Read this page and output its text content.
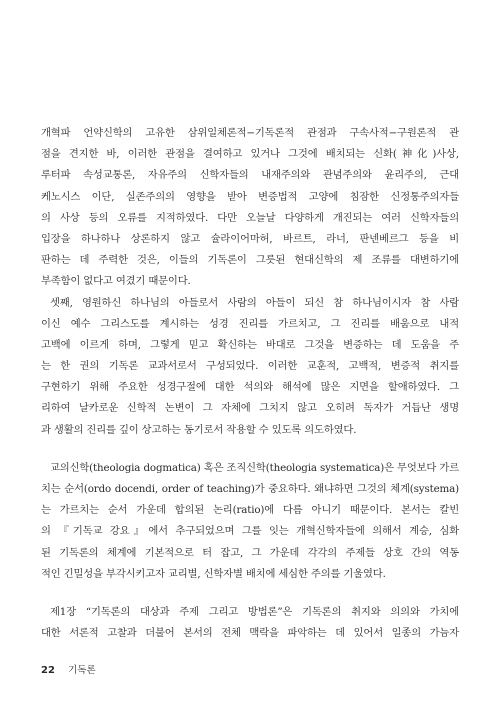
개혁파 언약신학의 고유한 삼위일체론적−기독론적 관점과 구속사적−구원론적 관
점을 견지한 바, 이러한 관점을 결여하고 있거나 그것에 배치되는 신화(神化)사상,
루터파 속성교통론, 자유주의 신학자들의 내재주의와 관념주의와 윤리주의, 근대
케노시스 이단, 실존주의의 영향을 받아 변증법적 고양에 침잠한 신정통주의자들
의 사상 등의 오류를 지적하였다. 다만 오늘날 다양하게 개진되는 여러 신학자들의
입장을 하나하나 상론하지 않고 슐라이어마허, 바르트, 라너, 판넨베르그 등을 비
판하는 데 주력한 것은, 이들의 기독론이 그릇된 현대신학의 제 조류를 대변하기에
부족함이 없다고 여겼기 때문이다.

셋째, 영원하신 하나님의 아들로서 사람의 아들이 되신 참 하나님이시자 참 사람
이신 예수 그리스도를 계시하는 성경 진리를 가르치고, 그 진리를 배움으로 내적
고백에 이르게 하며, 그렇게 믿고 확신하는 바대로 그것을 변증하는 데 도움을 주
는 한 권의 기독론 교과서로서 구성되었다. 이러한 교훈적, 고백적, 변증적 취지를
구현하기 위해 주요한 성경구절에 대한 석의와 해석에 많은 지면을 할애하였다. 그
리하여 날카로운 신학적 논변이 그 자체에 그치지 않고 오히려 독자가 거듭난 생명
과 생활의 진리를 깊이 상고하는 동기로서 작용할 수 있도록 의도하였다.

교의신학(theologia dogmatica) 혹은 조직신학(theologia systematica)은 무엇보다 가르
치는 순서(ordo docendi, order of teaching)가 중요하다. 왜냐하면 그것의 체계(systema)
는 가르치는 순서 가운데 합의된 논리(ratio)에 다름 아니기 때문이다. 본서는 칼빈
의 『기독교 강요』에서 추구되었으며 그를 잇는 개혁신학자들에 의해서 계승, 심화
된 기독론의 체계에 기본적으로 터 잡고, 그 가운데 각각의 주제들 상호 간의 역동
적인 긴밀성을 부각시키고자 교리별, 신학자별 배치에 세심한 주의를 기울였다.

제1장 “기독론의 대상과 주제 그리고 방법론”은 기독론의 취지와 의의와 가치에
대한 서론적 고찰과 더불어 본서의 전체 맥락을 파악하는 데 있어서 일종의 가늠자

22 기독론
